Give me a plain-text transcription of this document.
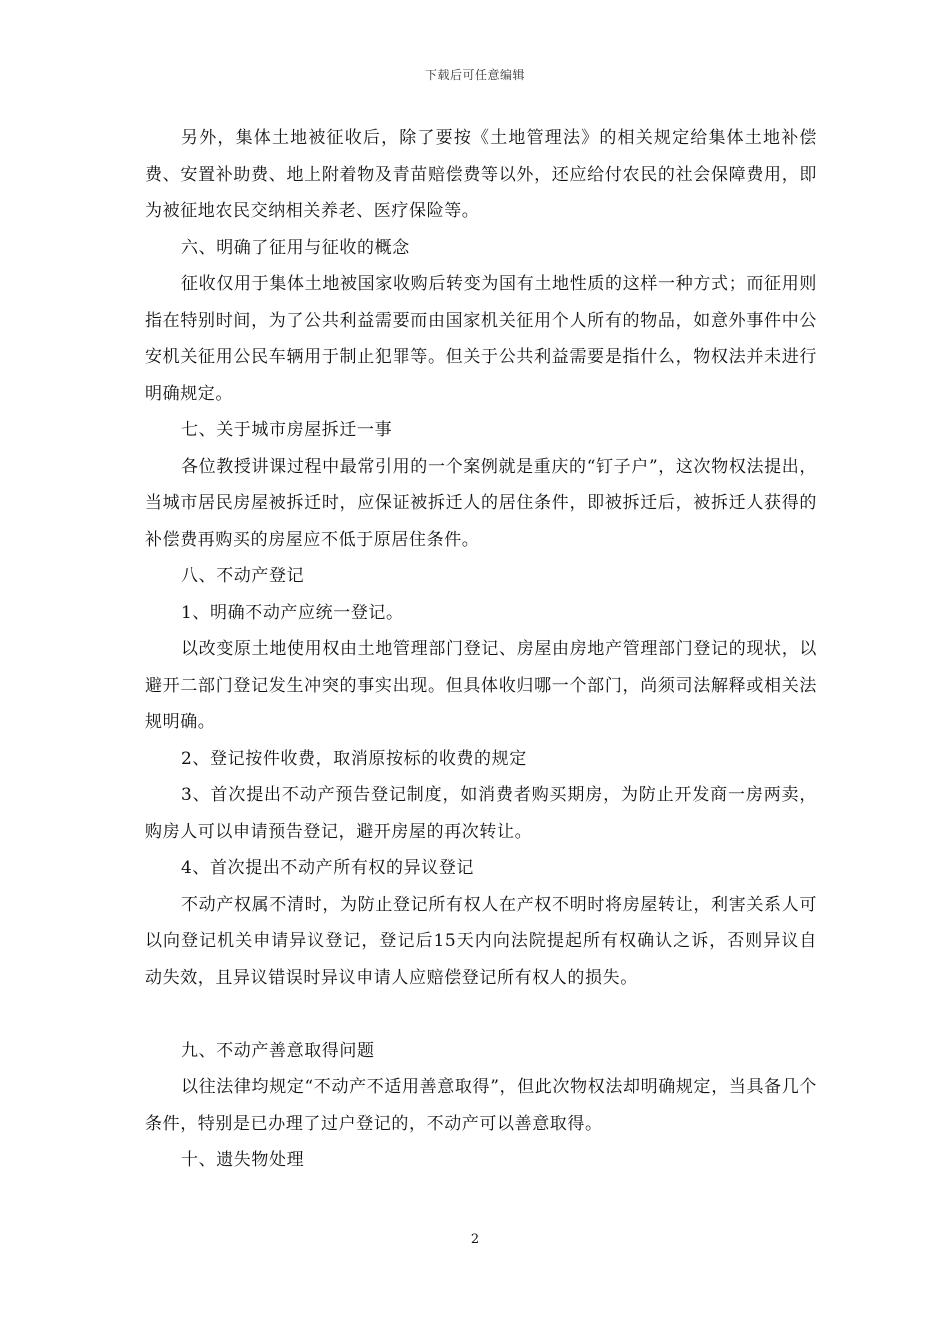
下载后可任意编辑

另外，集体土地被征收后，除了要按《土地管理法》的相关规定给集体土地补偿费、安置补助费、地上附着物及青苗赔偿费等以外，还应给付农民的社会保障费用，即为被征地农民交纳相关养老、医疗保险等。

六、明确了征用与征收的概念

征收仅用于集体土地被国家收购后转变为国有土地性质的这样一种方式；而征用则指在特别时间，为了公共利益需要而由国家机关征用个人所有的物品，如意外事件中公安机关征用公民车辆用于制止犯罪等。但关于公共利益需要是指什么，物权法并未进行明确规定。

七、关于城市房屋拆迁一事

各位教授讲课过程中最常引用的一个案例就是重庆的“钉子户”，这次物权法提出，当城市居民房屋被拆迁时，应保证被拆迁人的居住条件，即被拆迁后，被拆迁人获得的补偿费再购买的房屋应不低于原居住条件。

八、不动产登记

1、明确不动产应统一登记。

以改变原土地使用权由土地管理部门登记、房屋由房地产管理部门登记的现状，以避开二部门登记发生冲突的事实出现。但具体收归哪一个部门，尚须司法解释或相关法规明确。

2、登记按件收费，取消原按标的收费的规定

3、首次提出不动产预告登记制度，如消费者购买期房，为防止开发商一房两卖，购房人可以申请预告登记，避开房屋的再次转让。

4、首次提出不动产所有权的异议登记

不动产权属不清时，为防止登记所有权人在产权不明时将房屋转让，利害关系人可以向登记机关申请异议登记，登记后15天内向法院提起所有权确认之诉，否则异议自动失效，且异议错误时异议申请人应赔偿登记所有权人的损失。

九、不动产善意取得问题

以往法律均规定“不动产不适用善意取得”，但此次物权法却明确规定，当具备几个条件，特别是已办理了过户登记的，不动产可以善意取得。

十、遗失物处理

2
